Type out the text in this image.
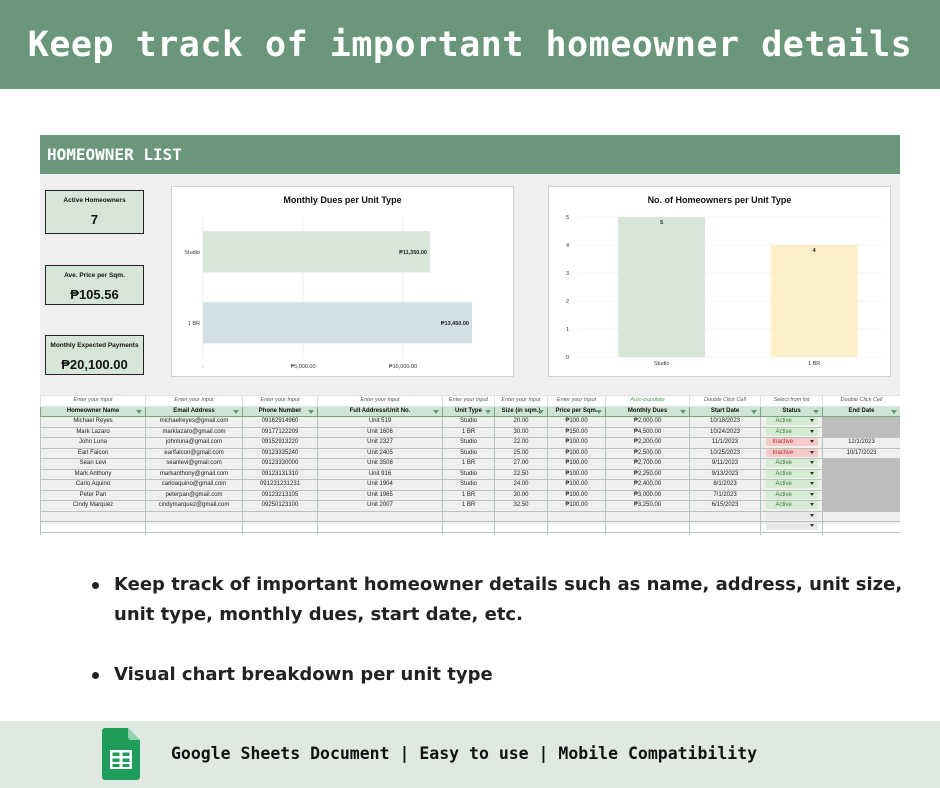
Keep track of important homeowner details
HOMEOWNER LIST
Active Homeowners
7
Ave. Price per Sqm.
₱105.56
Monthly Expected Payments
₱20,100.00
Monthly Dues per Unit Type
-	₱5,000.00	₱10,000.00
Studio	₱11,350.00
1 BR	₱13,450.00
No. of Homeowners per Unit Type
0
1
2
3
4
5
5
Studio
4
1 BR
Enter your Input	Enter your Input	Enter your Input	Enter your Input	Enter your Input	Enter your Input	Enter your Input	Auto-populate	Double Click Cell	Select from list	Double Click Cell
Homeowner Name	Email Address	Phone Number	Full Address/Unit No.	Unit Type	Size (in sqm.)	Price per Sqm.	Monthly Dues	Start Date	Status	End Date

Michael Reyes	michaelreyes@gmail.com	09162914960	Unit 519	Studio	20.00	₱100.00	₱2,000.00	10/18/2023	Active

Mark Lazaro	marklazaro@gmail.com	09177122209	Unit 1606	1 BR	30.00	₱150.00	₱4,500.00	10/24/2023	Active

John Luna	johnluna@gmail.com	09152913220	Unit 2327	Studio	22.00	₱100.00	₱2,200.00	11/1/2023	Inactive	12/1/2023
Earl Falcon	earlfalcon@gmail.com	09123335240	Unit 2405	Studio	25.00	₱100.00	₱2,500.00	10/25/2023	Inactive	10/17/2023
Sean Levi	seanlevi@gmail.com	09123330000	Unit 3508	1 BR	27.00	₱100.00	₱2,700.00	9/11/2023	Active

Mark Anthony	markanthony@gmail.com	09123131310	Unit 916	Studio	22.50	₱100.00	₱2,250.00	9/13/2023	Active

Carlo Aquino	carloaquino@gmail.com	091231231231	Unit 1904	Studio	24.00	₱100.00	₱2,400.00	8/1/2023	Active

Peter Pan	peterpan@gmail.com	09123213105	Unit 1965	1 BR	30.00	₱100.00	₱3,000.00	7/1/2023	Active

Cindy Marquez	cindymarquez@gmail.com	09250123100	Unit 2007	1 BR	32.50	₱100.00	₱3,250.00	6/15/2023	Active

Keep track of important homeowner details such as name, address, unit size, unit type, monthly dues, start date, etc.
Visual chart breakdown per unit type
Google Sheets Document | Easy to use | Mobile Compatibility
